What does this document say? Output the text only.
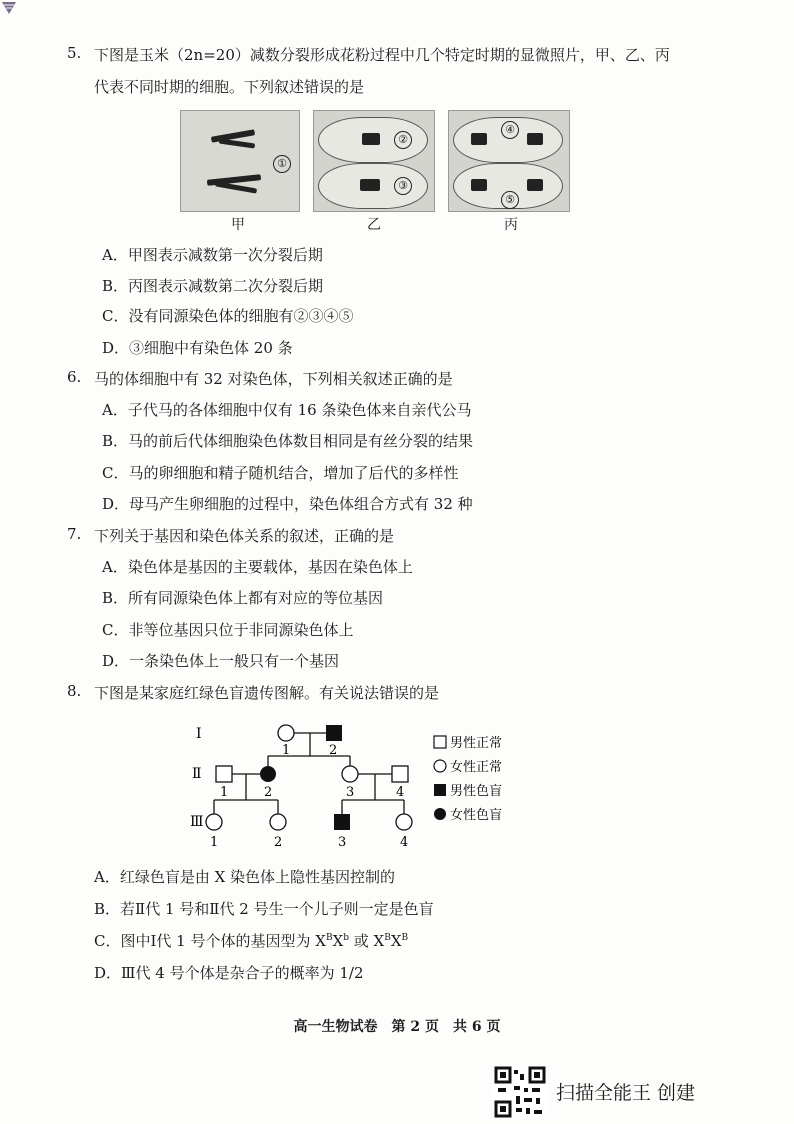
5. 下图是玉米（2n=20）减数分裂形成花粉过程中几个特定时期的显微照片，甲、乙、丙
代表不同时期的细胞。下列叙述错误的是
①
甲
②
③
乙
④
⑤
丙
A．甲图表示减数第一次分裂后期
B．丙图表示减数第二次分裂后期
C．没有同源染色体的细胞有②③④⑤
D．③细胞中有染色体 20 条
6. 马的体细胞中有 32 对染色体，下列相关叙述正确的是
A．子代马的各体细胞中仅有 16 条染色体来自亲代公马
B．马的前后代体细胞染色体数目相同是有丝分裂的结果
C．马的卵细胞和精子随机结合，增加了后代的多样性
D．母马产生卵细胞的过程中，染色体组合方式有 32 种
7. 下列关于基因和染色体关系的叙述，正确的是
A．染色体是基因的主要载体，基因在染色体上
B．所有同源染色体上都有对应的等位基因
C．非等位基因只位于非同源染色体上
D．一条染色体上一般只有一个基因
8. 下图是某家庭红绿色盲遗传图解。有关说法错误的是
Ⅰ
Ⅱ
Ⅲ
1	2
1	2	3	4
1	2	3	4
男性正常
女性正常
男性色盲
女性色盲
A．红绿色盲是由 X 染色体上隐性基因控制的
B．若Ⅱ代 1 号和Ⅱ代 2 号生一个儿子则一定是色盲
C．图中Ⅰ代 1 号个体的基因型为 $X^BX^b$ 或 $X^BX^B$
D．Ⅲ代 4 号个体是杂合子的概率为 1/2
高一生物试卷　第 2 页　共 6 页
扫描全能王 创建
